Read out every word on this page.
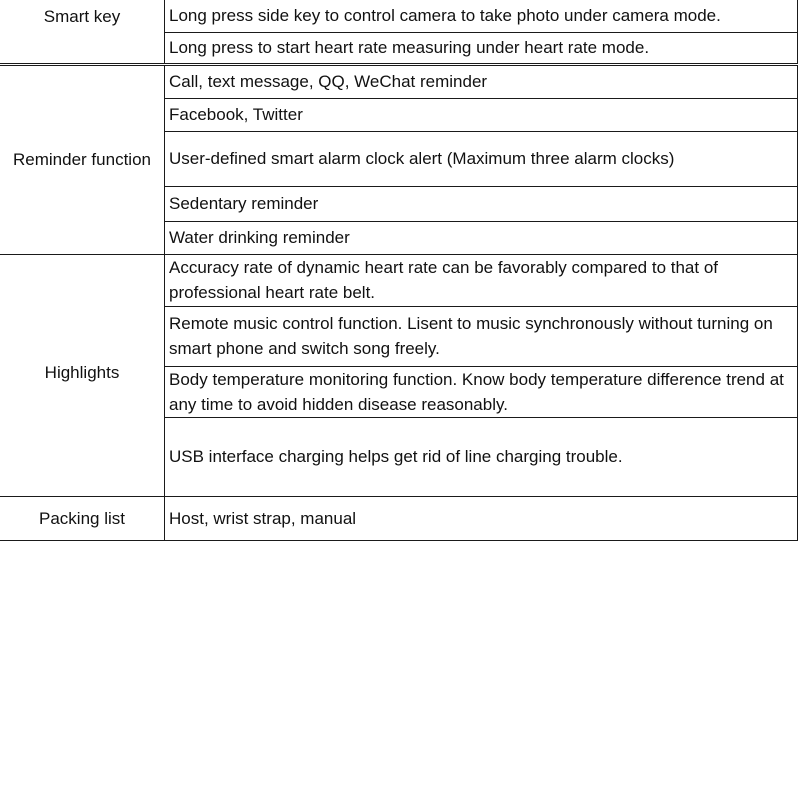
Smart key	Long press side key to control camera to take photo under camera mode.
	Long press to start heart rate measuring under heart rate mode.
Reminder function	Call, text message, QQ, WeChat reminder
	Facebook, Twitter
	User-defined smart alarm clock alert (Maximum three alarm clocks)
	Sedentary reminder
	Water drinking reminder
Highlights	Accuracy rate of dynamic heart rate can be favorably compared to that of professional heart rate belt.
	Remote music control function. Lisent to music synchronously without turning on smart phone and switch song freely.
	Body temperature monitoring function. Know body temperature difference trend at any time to avoid hidden disease reasonably.
	USB interface charging helps get rid of line charging trouble.
Packing list	Host, wrist strap, manual
